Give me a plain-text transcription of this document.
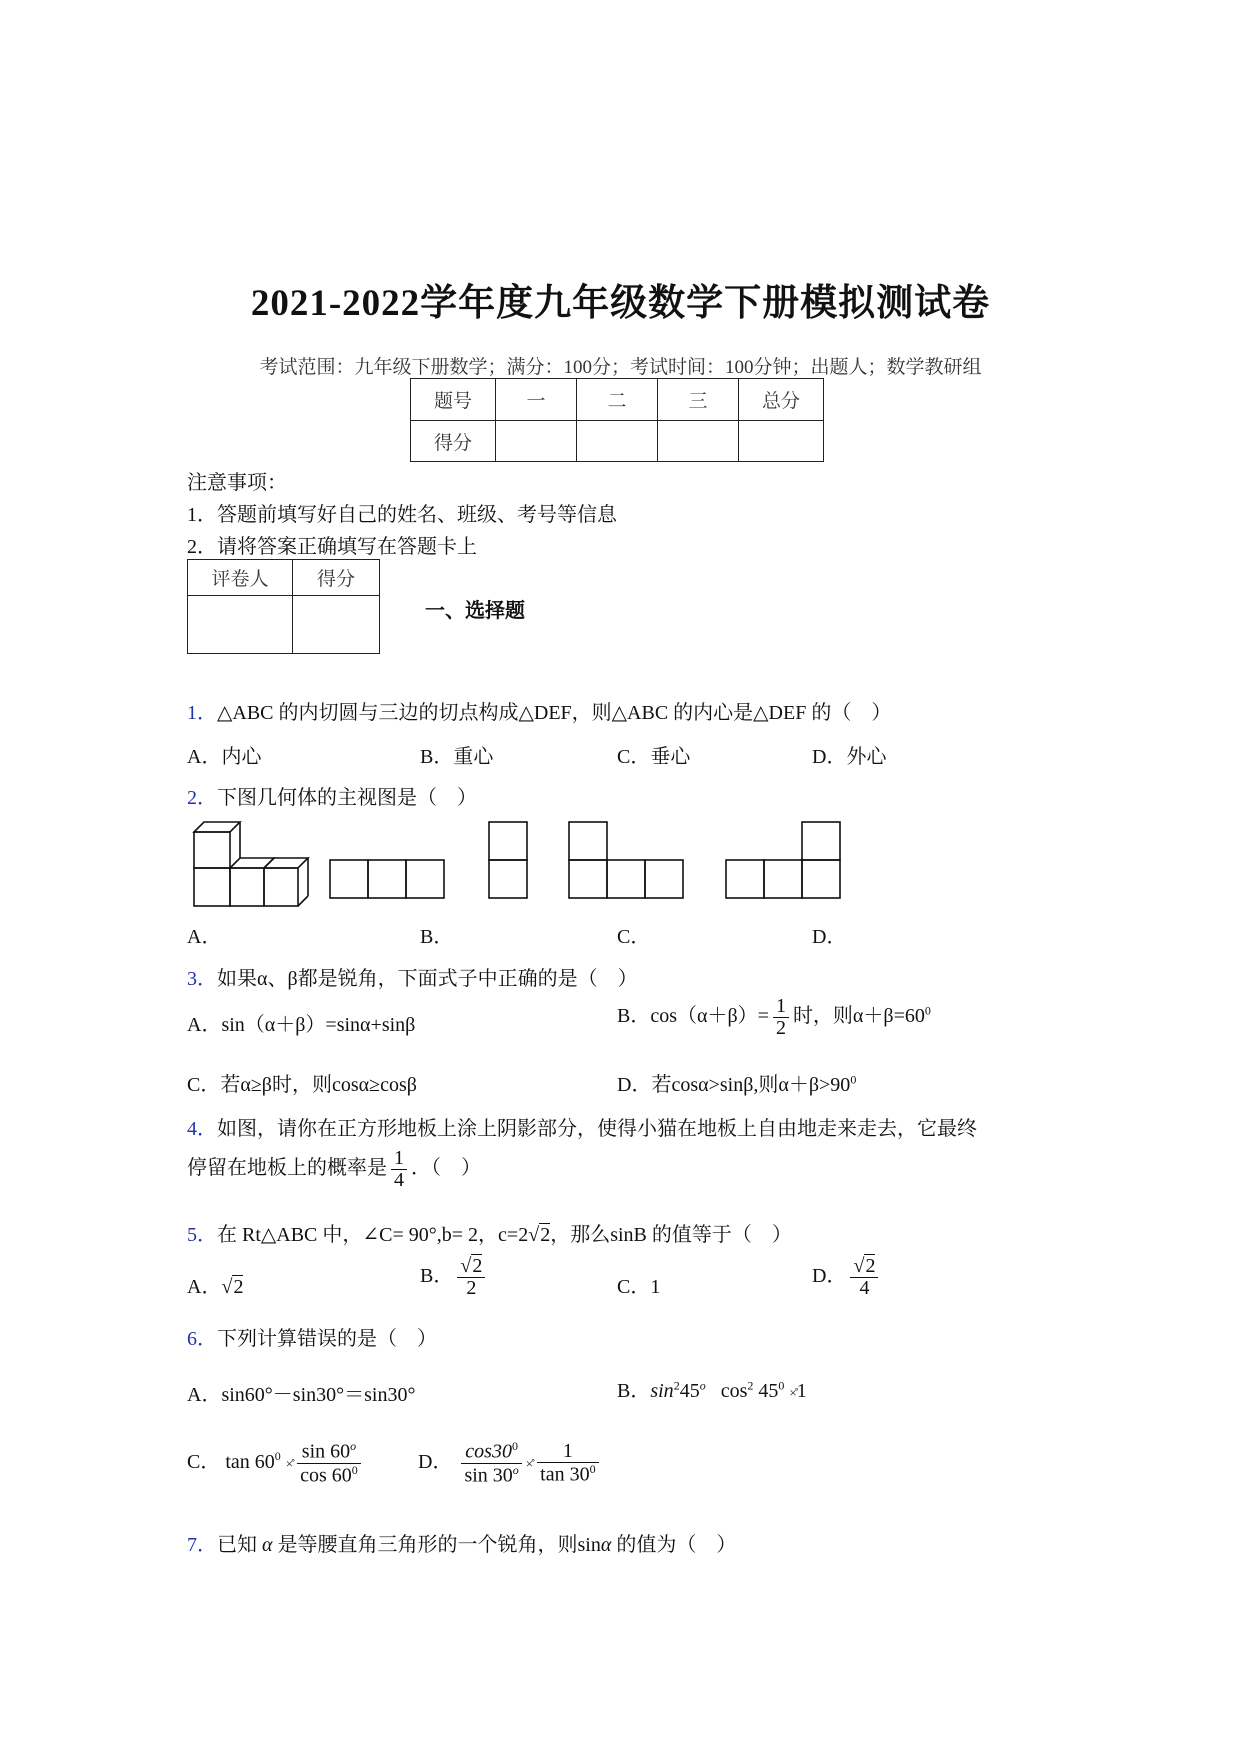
2021-2022学年度九年级数学下册模拟测试卷
考试范围：九年级下册数学；满分：100分；考试时间：100分钟；出题人；数学教研组
题号	一	二	三	总分
得分				
注意事项：
1．答题前填写好自己的姓名、班级、考号等信息
2．请将答案正确填写在答题卡上
评卷人	得分

一、选择题
1．△ABC 的内切圆与三边的切点构成△DEF，则△ABC 的内心是△DEF 的（　）
A．内心	B．重心	C．垂心	D．外心
2．下图几何体的主视图是（　）
A．	B．	C．	D．
3．如果α、β都是锐角，下面式子中正确的是（　）
A．sin（α＋β）=sinα+sinβ	B．$\cos(\alpha+\beta)= \frac{1}{2}$ 时，则$\alpha+\beta=60^0$
C．若α≥β时，则cosα≥cosβ	D．若cosα>sinβ,则$\alpha+\beta>90^0$
4．如图，请你在正方形地板上涂上阴影部分，使得小猫在地板上自由地走来走去，它最终
停留在地板上的概率是 $\frac{1}{4}$ ．（　）
5．在 Rt△ABC 中，∠C= 90°,b= 2，c=2√2，那么sinB 的值等于（　）
A．√2	B． $\frac{√2}{2}$	C．1	D． $\frac{√2}{4}$
6．下列计算错误的是（　）
A．sin60°－sin30°＝sin30°	B．$\sin^245^o$ $\cos^2 45^0$ ×̊1
C． $\tan 60^0$ ×̊ $\frac{\sin 60^o}{\cos 60^0}$	D． $\frac{\cos 30^0}{\sin 30^o}$ ×̊ $\frac{1}{\tan 30^0}$
7．已知 α 是等腰直角三角形的一个锐角，则sinα 的值为（　）
